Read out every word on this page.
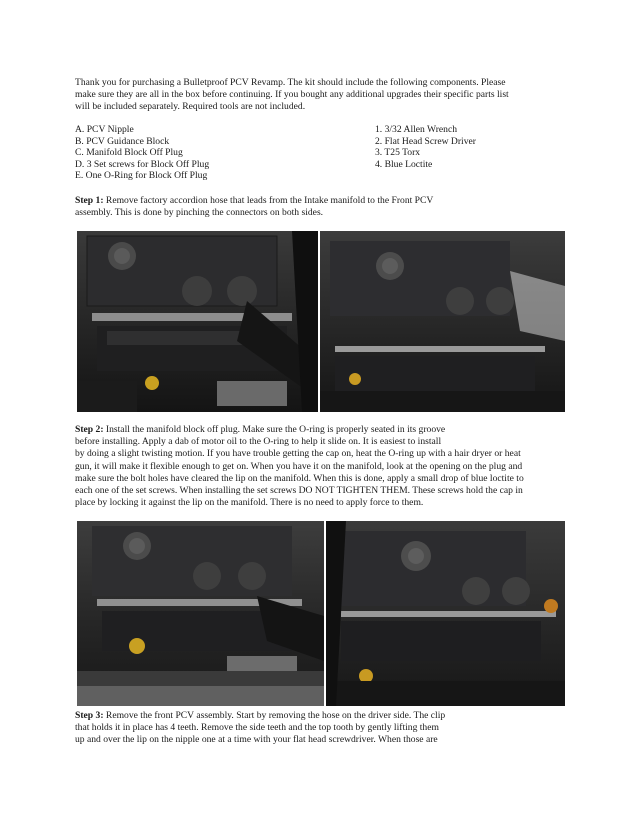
Thank you for purchasing a Bulletproof PCV Revamp. The kit should include the following components. Please
make sure they are all in the box before continuing. If you bought any additional upgrades their specific parts list
will be included separately. Required tools are not included.

A. PCV Nipple
B. PCV Guidance Block
C. Manifold Block Off Plug
D. 3 Set screws for Block Off Plug
E. One O-Ring for Block Off Plug
1. 3/32 Allen Wrench
2. Flat Head Screw Driver
3. T25 Torx
4. Blue Loctite

Step 1: Remove factory accordion hose that leads from the Intake manifold to the Front PCV
assembly. This is done by pinching the connectors on both sides.

Step 2: Install the manifold block off plug. Make sure the O-ring is properly seated in its groove
before installing. Apply a dab of motor oil to the O-ring to help it slide on. It is easiest to install
by doing a slight twisting motion. If you have trouble getting the cap on, heat the O-ring up with a hair dryer or heat
gun, it will make it flexible enough to get on. When you have it on the manifold, look at the opening on the plug and
make sure the bolt holes have cleared the lip on the manifold. When this is done, apply a small drop of blue loctite to
each one of the set screws. When installing the set screws DO NOT TIGHTEN THEM. These screws hold the cap in
place by locking it against the lip on the manifold. There is no need to apply force to them.

Step 3: Remove the front PCV assembly. Start by removing the hose on the driver side. The clip
that holds it in place has 4 teeth. Remove the side teeth and the top tooth by gently lifting them
up and over the lip on the nipple one at a time with your flat head screwdriver. When those are
